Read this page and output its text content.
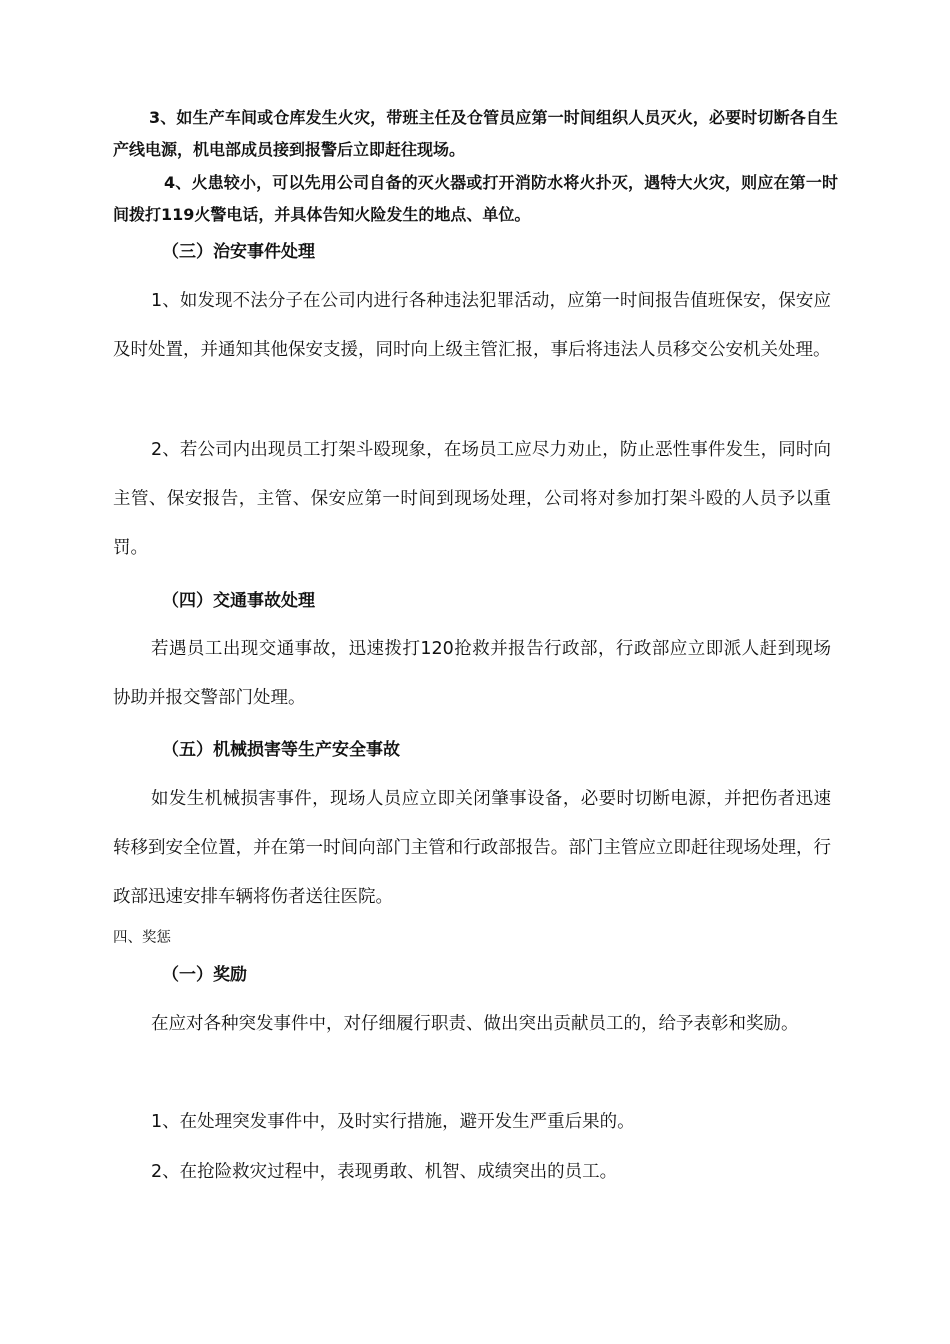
3、如生产车间或仓库发生火灾，带班主任及仓管员应第一时间组织人员灭火，必要时切断各自生产线电源，机电部成员接到报警后立即赶往现场。

4、火患较小，可以先用公司自备的灭火器或打开消防水将火扑灭，遇特大火灾，则应在第一时间拨打119火警电话，并具体告知火险发生的地点、单位。

（三）治安事件处理

1、如发现不法分子在公司内进行各种违法犯罪活动，应第一时间报告值班保安，保安应及时处置，并通知其他保安支援，同时向上级主管汇报，事后将违法人员移交公安机关处理。

2、若公司内出现员工打架斗殴现象，在场员工应尽力劝止，防止恶性事件发生，同时向主管、保安报告，主管、保安应第一时间到现场处理，公司将对参加打架斗殴的人员予以重罚。

（四）交通事故处理

若遇员工出现交通事故，迅速拨打120抢救并报告行政部，行政部应立即派人赶到现场协助并报交警部门处理。

（五）机械损害等生产安全事故

如发生机械损害事件，现场人员应立即关闭肇事设备，必要时切断电源，并把伤者迅速转移到安全位置，并在第一时间向部门主管和行政部报告。部门主管应立即赶往现场处理，行政部迅速安排车辆将伤者送往医院。

四、奖惩
（一）奖励

在应对各种突发事件中，对仔细履行职责、做出突出贡献员工的，给予表彰和奖励。

1、在处理突发事件中，及时实行措施，避开发生严重后果的。

2、在抢险救灾过程中，表现勇敢、机智、成绩突出的员工。
